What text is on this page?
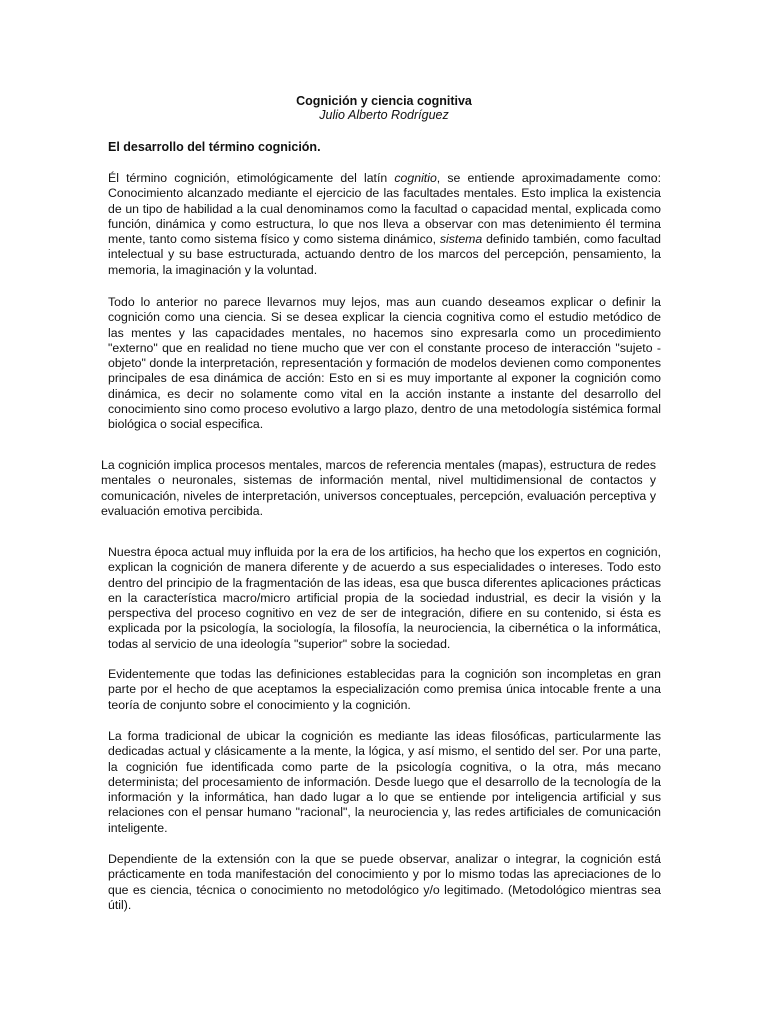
Cognición y ciencia cognitiva
Julio Alberto Rodríguez
El desarrollo del término cognición.

Él término cognición, etimológicamente del latín cognitio, se entiende aproximadamente como: Conocimiento alcanzado mediante el ejercicio de las facultades mentales. Esto implica la existencia de un tipo de habilidad a la cual denominamos como la facultad o capacidad mental, explicada como función, dinámica y como estructura, lo que nos lleva a observar con mas detenimiento él termina mente, tanto como sistema físico y como sistema dinámico, sistema definido también, como facultad intelectual y su base estructurada, actuando dentro de los marcos del percepción, pensamiento, la memoria, la imaginación y la voluntad.

Todo lo anterior no parece llevarnos muy lejos, mas aun cuando deseamos explicar o definir la cognición como una ciencia. Si se desea explicar la ciencia cognitiva como el estudio metódico de las mentes y las capacidades mentales, no hacemos sino expresarla como un procedimiento "externo" que en realidad no tiene mucho que ver con el constante proceso de interacción "sujeto - objeto" donde la interpretación, representación y formación de modelos devienen como componentes principales de esa dinámica de acción: Esto en si es muy importante al exponer la cognición como dinámica, es decir no solamente como vital en la acción instante a instante del desarrollo del conocimiento sino como proceso evolutivo a largo plazo, dentro de una metodología sistémica formal biológica o social especifica.

La cognición implica procesos mentales, marcos de referencia mentales (mapas), estructura de redes mentales o neuronales, sistemas de información mental, nivel multidimensional de contactos y comunicación, niveles de interpretación, universos conceptuales, percepción, evaluación perceptiva y evaluación emotiva percibida.

Nuestra época actual muy influida por la era de los artificios, ha hecho que los expertos en cognición, explican la cognición de manera diferente y de acuerdo a sus especialidades o intereses. Todo esto dentro del principio de la fragmentación de las ideas, esa que busca diferentes aplicaciones prácticas en la característica macro/micro artificial propia de la sociedad industrial, es decir la visión y la perspectiva del proceso cognitivo en vez de ser de integración, difiere en su contenido, si ésta es explicada por la psicología, la sociología, la filosofía, la neurociencia, la cibernética o la informática, todas al servicio de una ideología "superior" sobre la sociedad.

Evidentemente que todas las definiciones establecidas para la cognición son incompletas en gran parte por el hecho de que aceptamos la especialización como premisa única intocable frente a una teoría de conjunto sobre el conocimiento y la cognición.

La forma tradicional de ubicar la cognición es mediante las ideas filosóficas, particularmente las dedicadas actual y clásicamente a la mente, la lógica, y así mismo, el sentido del ser. Por una parte, la cognición fue identificada como parte de la psicología cognitiva, o la otra, más mecano determinista; del procesamiento de información. Desde luego que el desarrollo de la tecnología de la información y la informática, han dado lugar a lo que se entiende por inteligencia artificial y sus relaciones con el pensar humano "racional", la neurociencia y, las redes artificiales de comunicación inteligente.

Dependiente de la extensión con la que se puede observar, analizar o integrar, la cognición está prácticamente en toda manifestación del conocimiento y por lo mismo todas las apreciaciones de lo que es ciencia, técnica o conocimiento no metodológico y/o legitimado. (Metodológico mientras sea útil).
